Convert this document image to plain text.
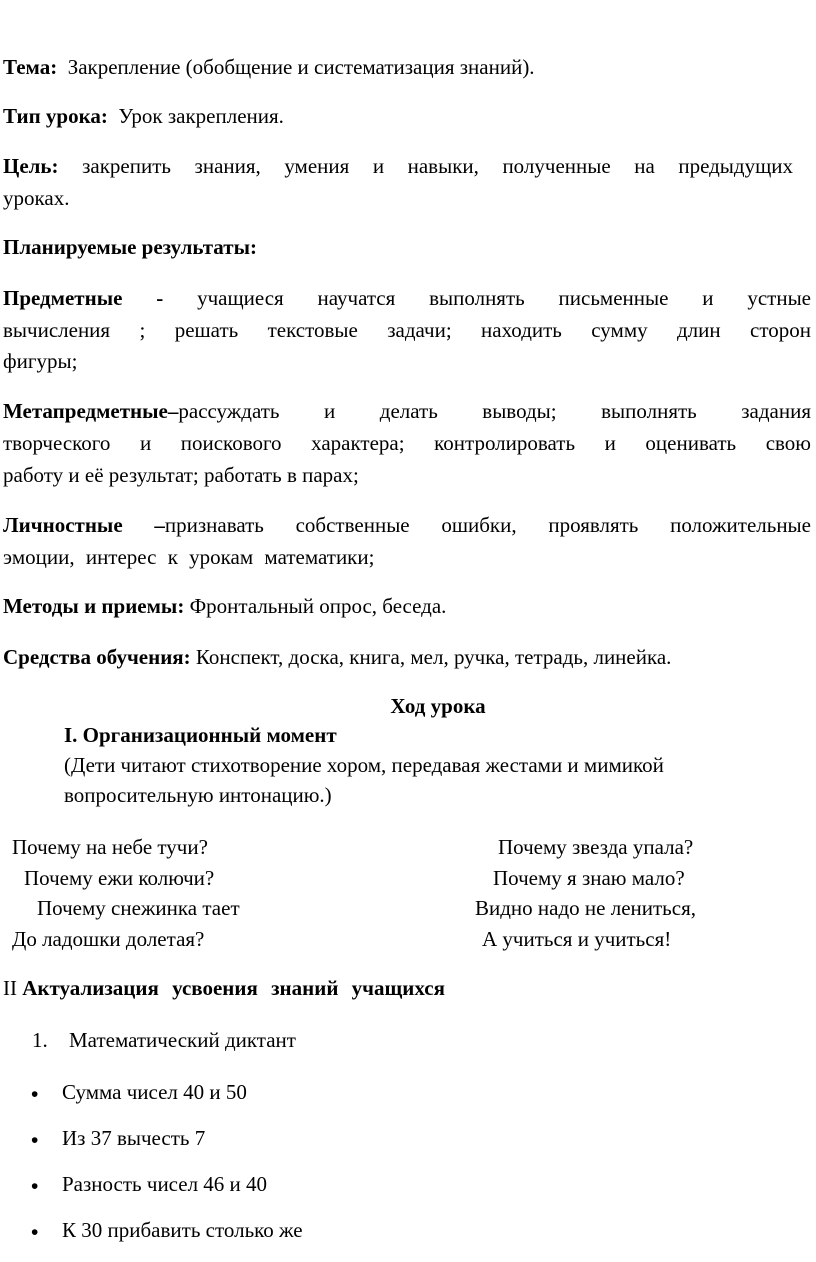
Тема: Закрепление (обобщение и систематизация знаний).

Тип урока: Урок закрепления.

Цель: закрепить знания, умения и навыки, полученные на предыдущих

уроках.

Планируемые результаты:

Предметные - учащиеся научатся выполнять письменные и устные

вычисления ; решать текстовые задачи; находить сумму длин сторон

фигуры;

Метапредметные–рассуждать и делать выводы; выполнять задания

творческого и поискового характера; контролировать и оценивать свою

работу и её результат; работать в парах;

Личностные –признавать собственные ошибки, проявлять положительные

эмоции, интерес к урокам математики;

Методы и приемы: Фронтальный опрос, беседа.

Средства обучения: Конспект, доска, книга, мел, ручка, тетрадь, линейка.

Ход урока
I. Организационный момент
(Дети читают стихотворение хором, передавая жестами и мимикой
вопросительную интонацию.)
Почему на небе тучи?
Почему ежи колючи?
Почему снежинка тает
До ладошки долетая?
Почему звезда упала?
Почему я знаю мало?
Видно надо не лениться,
А учиться и учиться!

II Актуализация усвоения знаний учащихся

1. Математический диктант
• Сумма чисел 40 и 50
• Из 37 вычесть 7
• Разность чисел 46 и 40
• К 30 прибавить столько же
